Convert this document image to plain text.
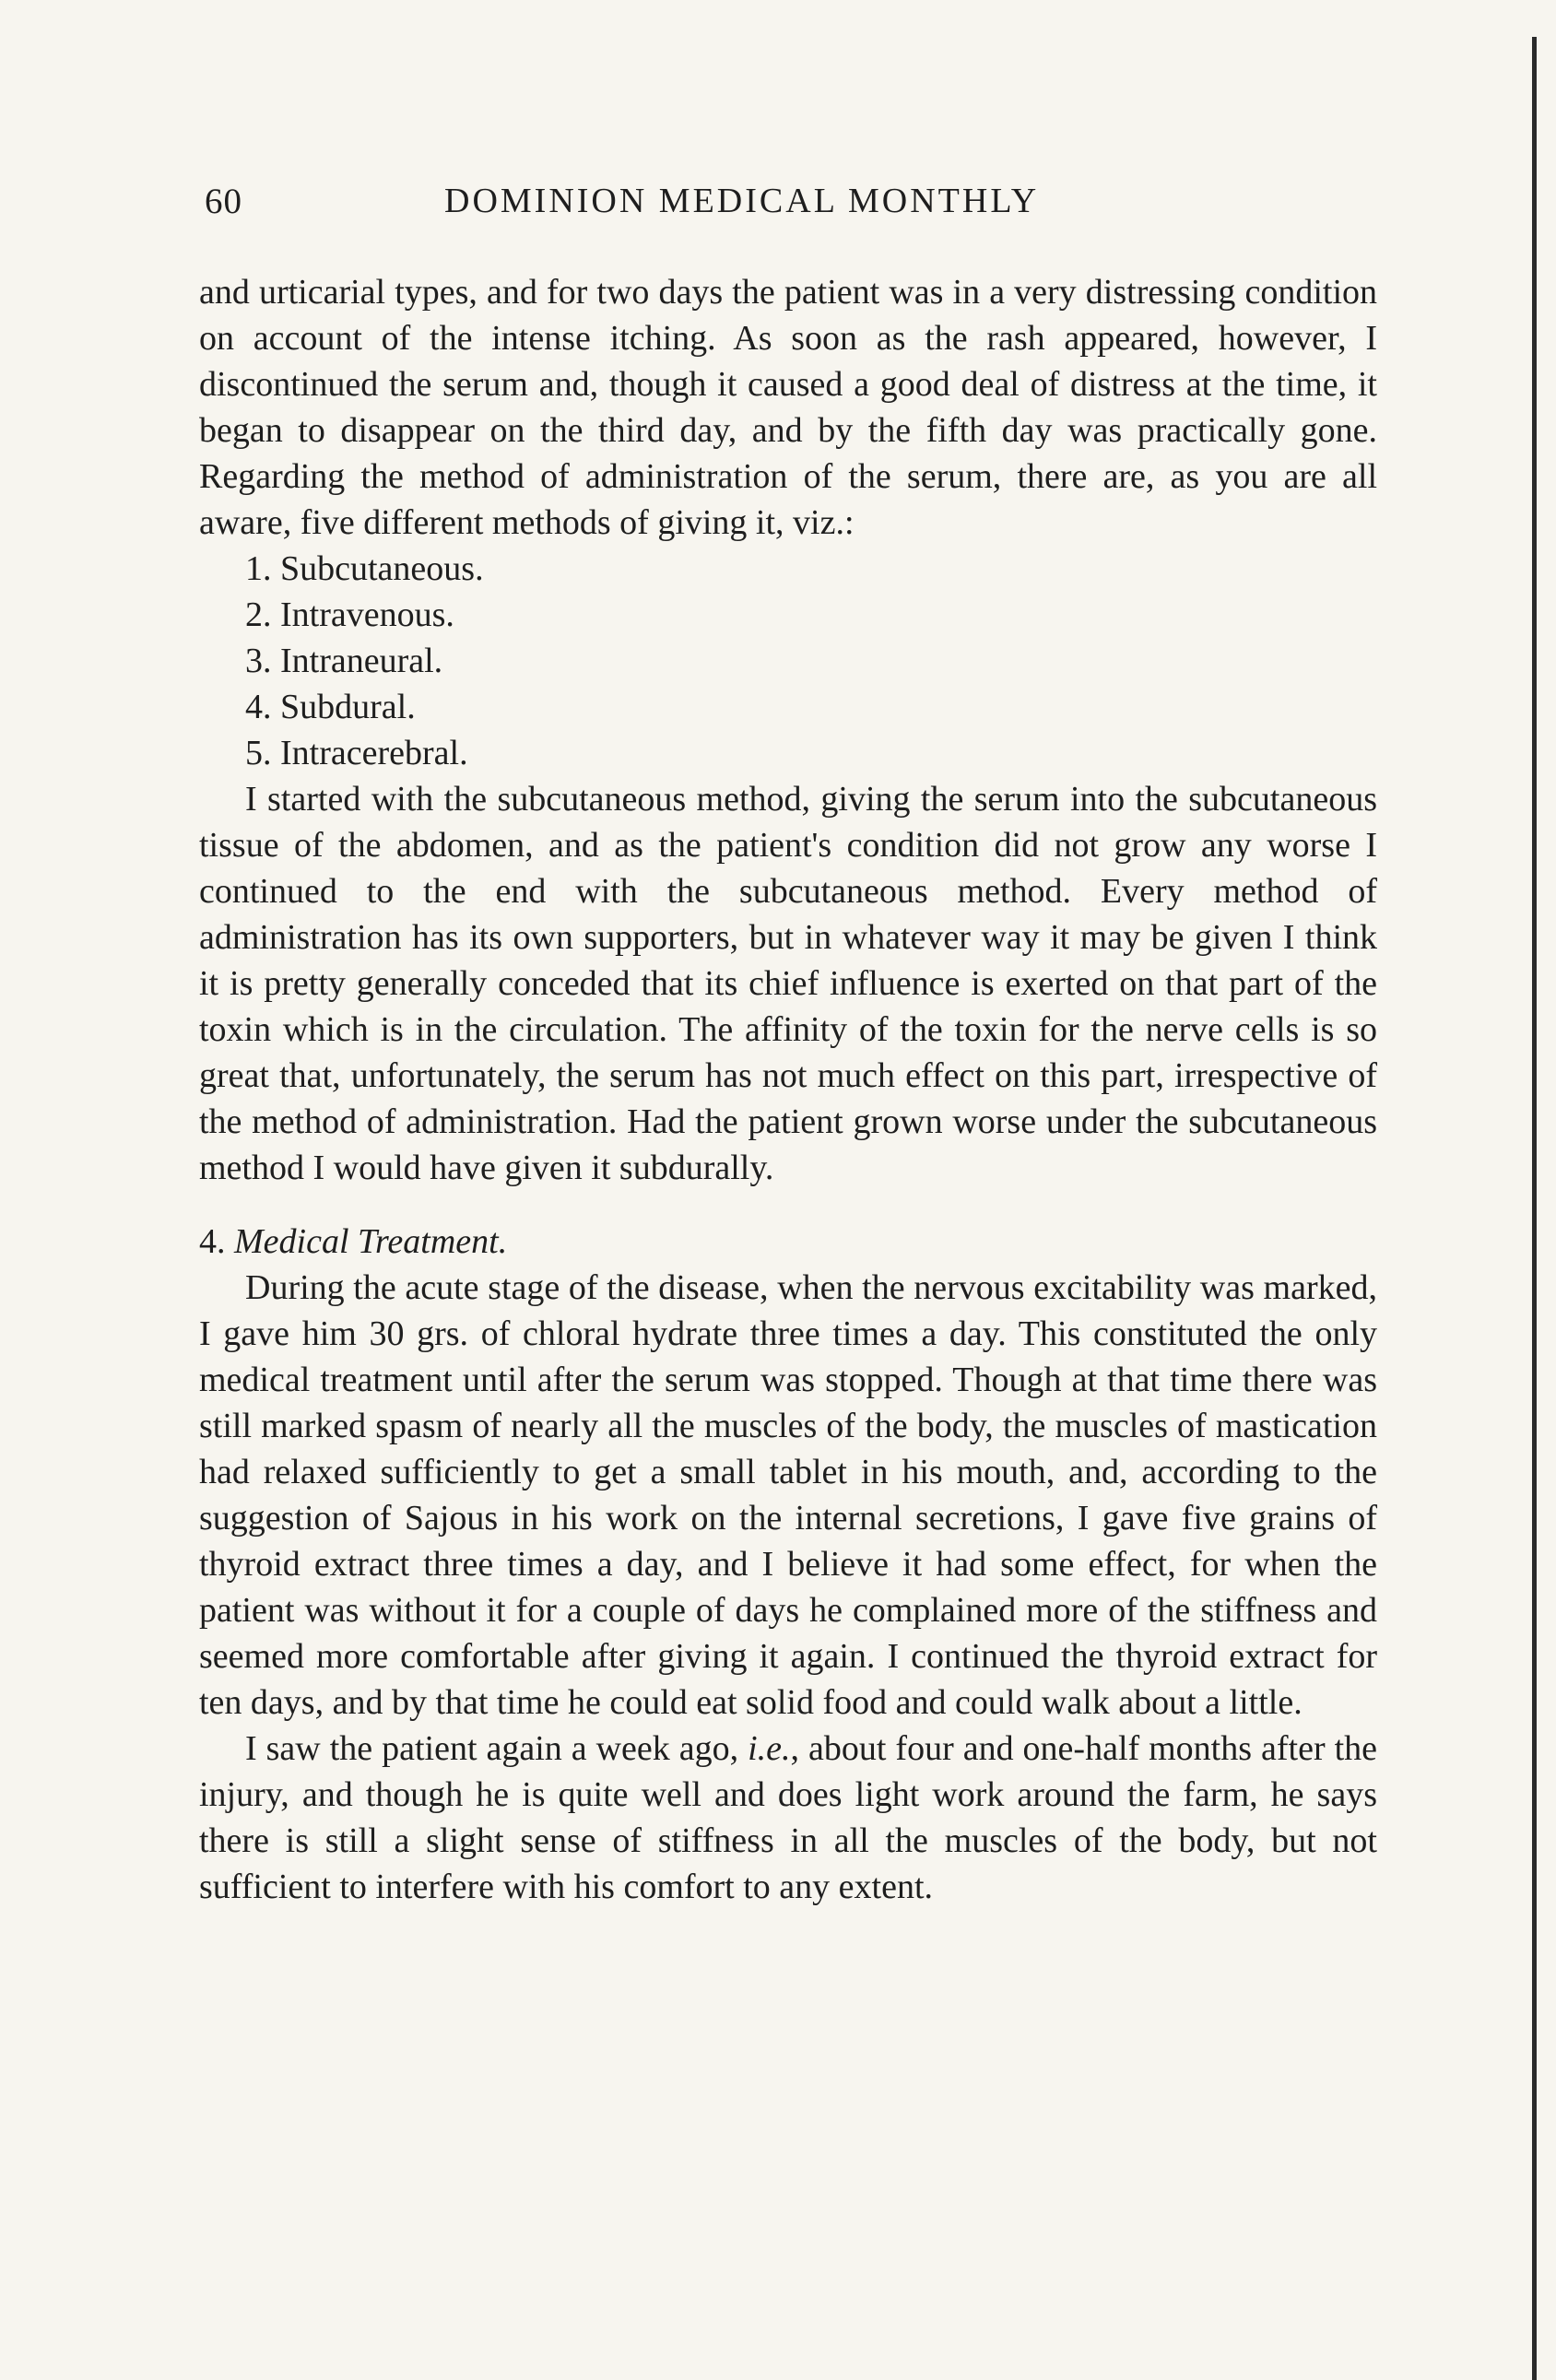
60	DOMINION MEDICAL MONTHLY

and urticarial types, and for two days the patient was in a very distressing condition on account of the intense itching. As soon as the rash appeared, however, I discontinued the serum and, though it caused a good deal of distress at the time, it began to disappear on the third day, and by the fifth day was practically gone. Regarding the method of administration of the serum, there are, as you are all aware, five different methods of giving it, viz.:

1. Subcutaneous.
2. Intravenous.
3. Intraneural.
4. Subdural.
5. Intracerebral.

I started with the subcutaneous method, giving the serum into the subcutaneous tissue of the abdomen, and as the patient's condition did not grow any worse I continued to the end with the subcutaneous method. Every method of administration has its own supporters, but in whatever way it may be given I think it is pretty generally conceded that its chief influence is exerted on that part of the toxin which is in the circulation. The affinity of the toxin for the nerve cells is so great that, unfortunately, the serum has not much effect on this part, irrespective of the method of administration. Had the patient grown worse under the subcutaneous method I would have given it subdurally.

4. Medical Treatment.

During the acute stage of the disease, when the nervous excitability was marked, I gave him 30 grs. of chloral hydrate three times a day. This constituted the only medical treatment until after the serum was stopped. Though at that time there was still marked spasm of nearly all the muscles of the body, the muscles of mastication had relaxed sufficiently to get a small tablet in his mouth, and, according to the suggestion of Sajous in his work on the internal secretions, I gave five grains of thyroid extract three times a day, and I believe it had some effect, for when the patient was without it for a couple of days he complained more of the stiffness and seemed more comfortable after giving it again. I continued the thyroid extract for ten days, and by that time he could eat solid food and could walk about a little.

I saw the patient again a week ago, i.e., about four and one-half months after the injury, and though he is quite well and does light work around the farm, he says there is still a slight sense of stiffness in all the muscles of the body, but not sufficient to interfere with his comfort to any extent.
